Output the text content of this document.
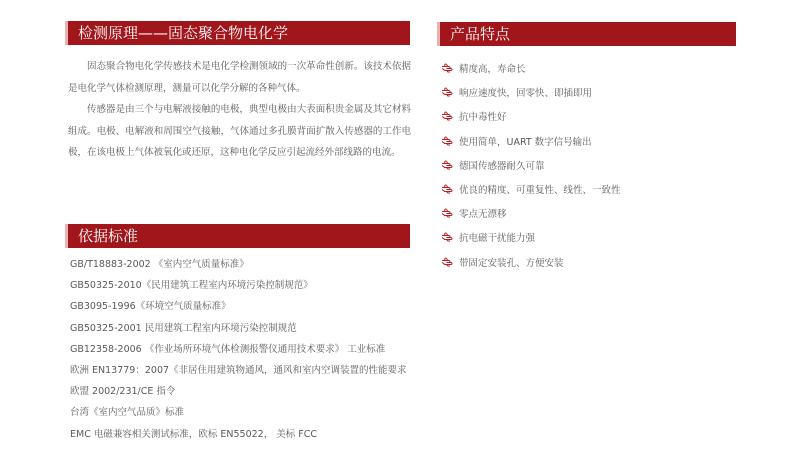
检测原理——固态聚合物电化学

固态聚合物电化学传感技术是电化学检测领域的一次革命性创新。该技术依据是电化学气体检测原理，测量可以化学分解的各种气体。

传感器是由三个与电解液接触的电极，典型电极由大表面积贵金属及其它材料组成。电极、电解液和周围空气接触，气体通过多孔膜背面扩散入传感器的工作电极，在该电极上气体被氧化或还原，这种电化学反应引起流经外部线路的电流。

依据标准
GB/T18883-2002 《室内空气质量标准》
GB50325-2010《民用建筑工程室内环境污染控制规范》
GB3095-1996《环境空气质量标准》
GB50325-2001 民用建筑工程室内环境污染控制规范
GB12358-2006 《作业场所环境气体检测报警仪通用技术要求》 工业标准
欧洲 EN13779：2007《非居住用建筑物通风，通风和室内空调装置的性能要求
欧盟 2002/231/CE 指令
台湾《室内空气品质》标准
EMC 电磁兼容相关测试标准，欧标 EN55022， 美标 FCC
产品特点
精度高，寿命长
响应速度快，回零快、即插即用
抗中毒性好
使用简单，UART 数字信号输出
德国传感器耐久可靠
优良的精度、可重复性、线性、一致性
零点无漂移
抗电磁干扰能力强
带固定安装孔、方便安装
